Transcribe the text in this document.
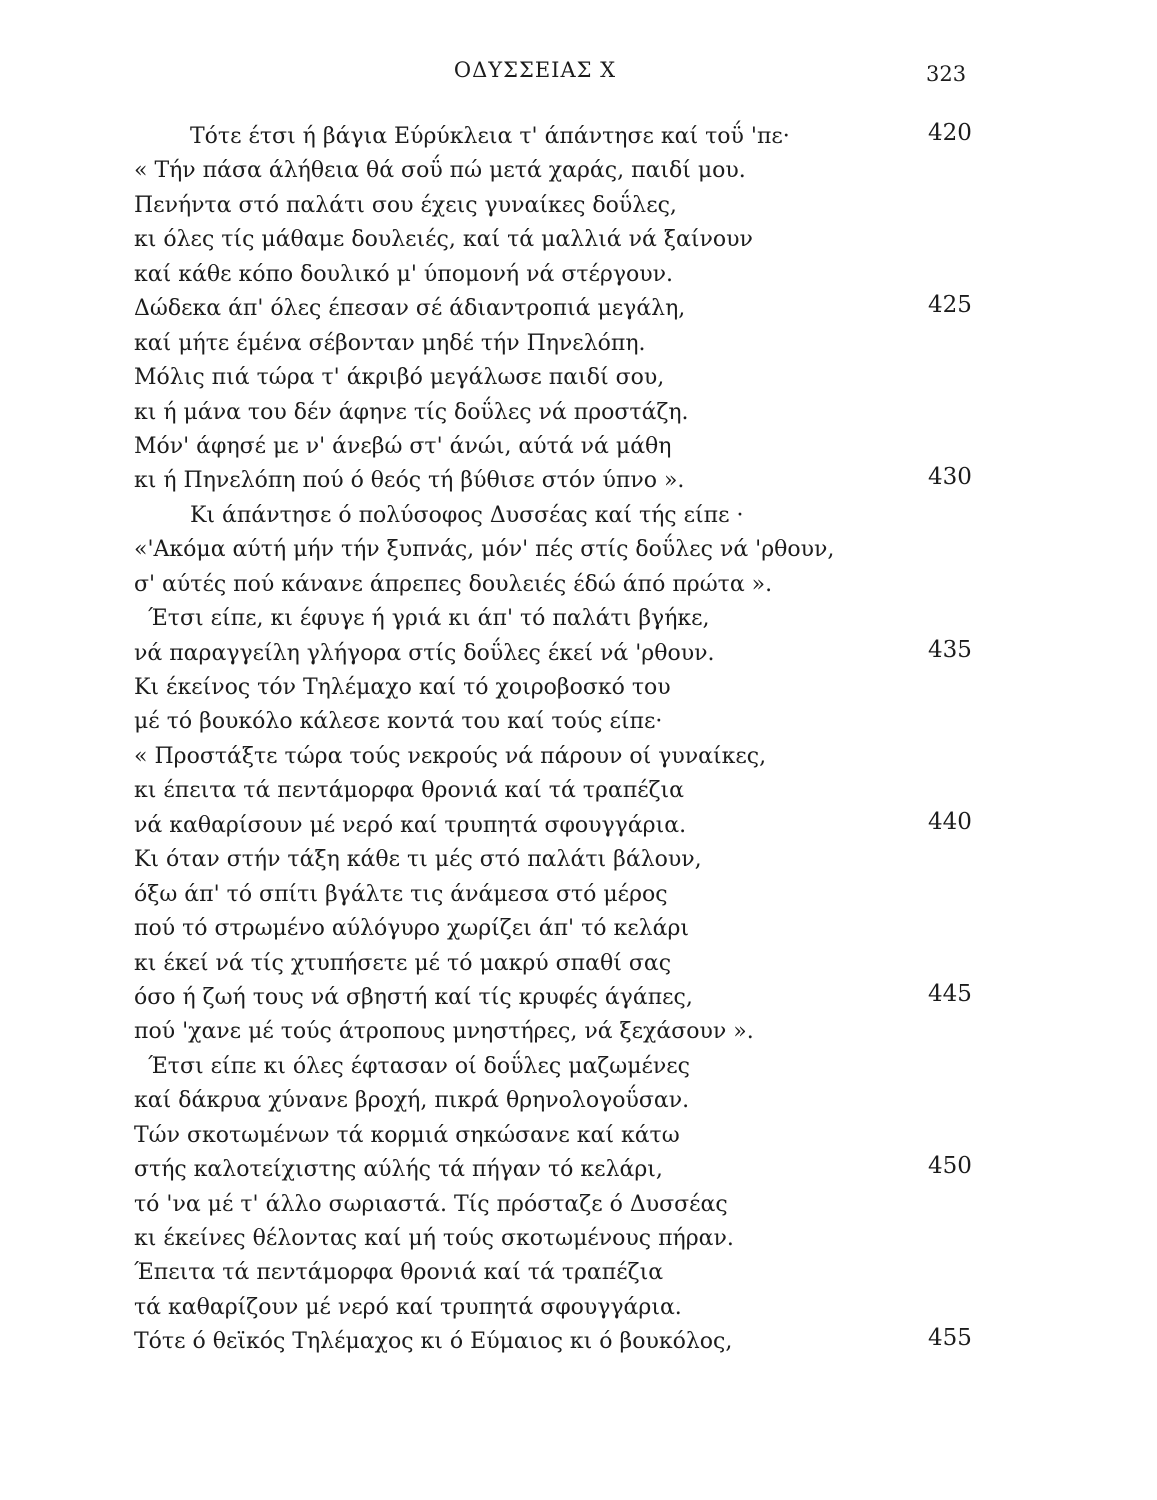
ΟΔΥΣΣΕΙΑΣ Χ	323
Τότε έτσι ή βάγια Εύρύκλεια τ' άπάντησε καί τοΰ 'πε·	420
« Τήν πάσα άλήθεια θά σοΰ πώ μετά χαράς, παιδί μου.
Πενήντα στό παλάτι σου έχεις γυναίκες δοΰλες,
κι όλες τίς μάθαμε δουλειές, καί τά μαλλιά νά ξαίνουν
καί κάθε κόπο δουλικό μ' ύπομονή νά στέργουν.
Δώδεκα άπ' όλες έπεσαν σέ άδιαντροπιά μεγάλη,	425
καί μήτε έμένα σέβονταν μηδέ τήν Πηνελόπη.
Μόλις πιά τώρα τ' άκριβό μεγάλωσε παιδί σου,
κι ή μάνα του δέν άφηνε τίς δοΰλες νά προστάζη.
Μόν' άφησέ με ν' άνεβώ στ' άνώι, αύτά νά μάθη
κι ή Πηνελόπη πού ό θεός τή βύθισε στόν ύπνο ».	430
Κι άπάντησε ό πολύσοφος Δυσσέας καί τής είπε ·
«'Ακόμα αύτή μήν τήν ξυπνάς, μόν' πές στίς δοΰλες νά 'ρθουν,
σ' αύτές πού κάνανε άπρεπες δουλειές έδώ άπό πρώτα ».
Έτσι είπε, κι έφυγε ή γριά κι άπ' τό παλάτι βγήκε,
νά παραγγείλη γλήγορα στίς δοΰλες έκεί νά 'ρθουν.	435
Κι έκείνος τόν Τηλέμαχο καί τό χοιροβοσκό του
μέ τό βουκόλο κάλεσε κοντά του καί τούς είπε·
« Προστάξτε τώρα τούς νεκρούς νά πάρουν οί γυναίκες,
κι έπειτα τά πεντάμορφα θρονιά καί τά τραπέζια
νά καθαρίσουν μέ νερό καί τρυπητά σφουγγάρια.	440
Κι όταν στήν τάξη κάθε τι μές στό παλάτι βάλουν,
όξω άπ' τό σπίτι βγάλτε τις άνάμεσα στό μέρος
πού τό στρωμένο αύλόγυρο χωρίζει άπ' τό κελάρι
κι έκεί νά τίς χτυπήσετε μέ τό μακρύ σπαθί σας
όσο ή ζωή τους νά σβηστή καί τίς κρυφές άγάπες,	445
πού 'χανε μέ τούς άτροπους μνηστήρες, νά ξεχάσουν ».
Έτσι είπε κι όλες έφτασαν οί δοΰλες μαζωμένες
καί δάκρυα χύνανε βροχή, πικρά θρηνολογοΰσαν.
Τών σκοτωμένων τά κορμιά σηκώσανε καί κάτω
στής καλοτείχιστης αύλής τά πήγαν τό κελάρι,	450
τό 'να μέ τ' άλλο σωριαστά. Τίς πρόσταζε ό Δυσσέας
κι έκείνες θέλοντας καί μή τούς σκοτωμένους πήραν.
Έπειτα τά πεντάμορφα θρονιά καί τά τραπέζια
τά καθαρίζουν μέ νερό καί τρυπητά σφουγγάρια.
Τότε ό θεϊκός Τηλέμαχος κι ό Εύμαιος κι ό βουκόλος,	455
